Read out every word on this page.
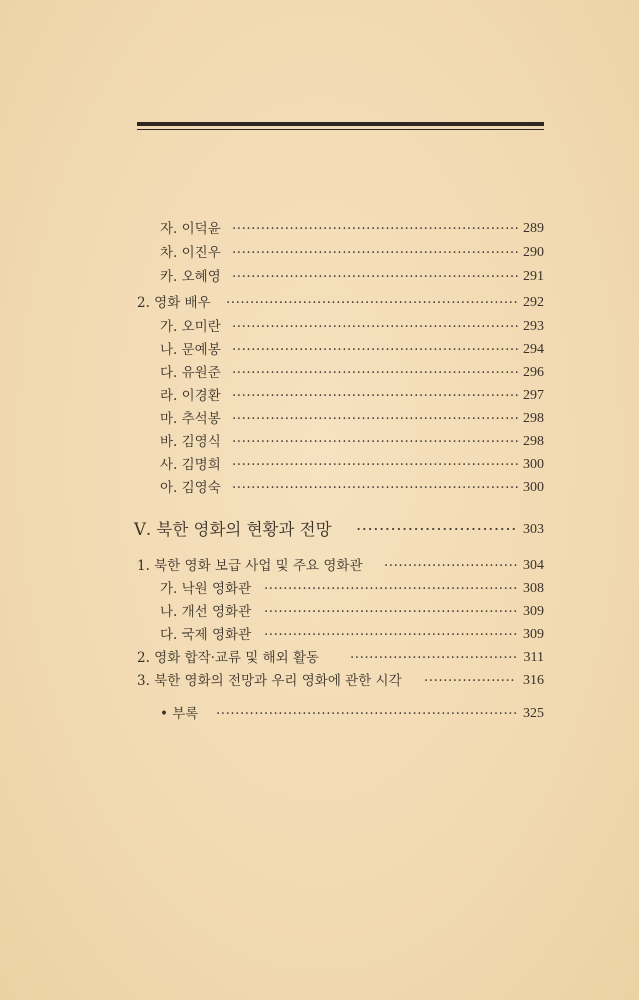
자. 이덕윤 ·····	289
차. 이진우 ·····	290
카. 오혜영 ·····	291
2. 영화 배우 ·····	292
가. 오미란 ·····	293
나. 문예봉 ·····	294
다. 유원준 ·····	296
라. 이경환 ·····	297
마. 추석봉 ·····	298
바. 김영식 ·····	298
사. 김명희 ·····	300
아. 김영숙 ·····	300
Ⅴ. 북한 영화의 현황과 전망 ·····	303
1. 북한 영화 보급 사업 및 주요 영화관 ·····	304
가. 낙원 영화관 ·····	308
나. 개선 영화관 ·····	309
다. 국제 영화관 ·····	309
2. 영화 합작·교류 및 해외 활동 ·····	311
3. 북한 영화의 전망과 우리 영화에 관한 시각 ·····	316
• 부록 ·····	325
